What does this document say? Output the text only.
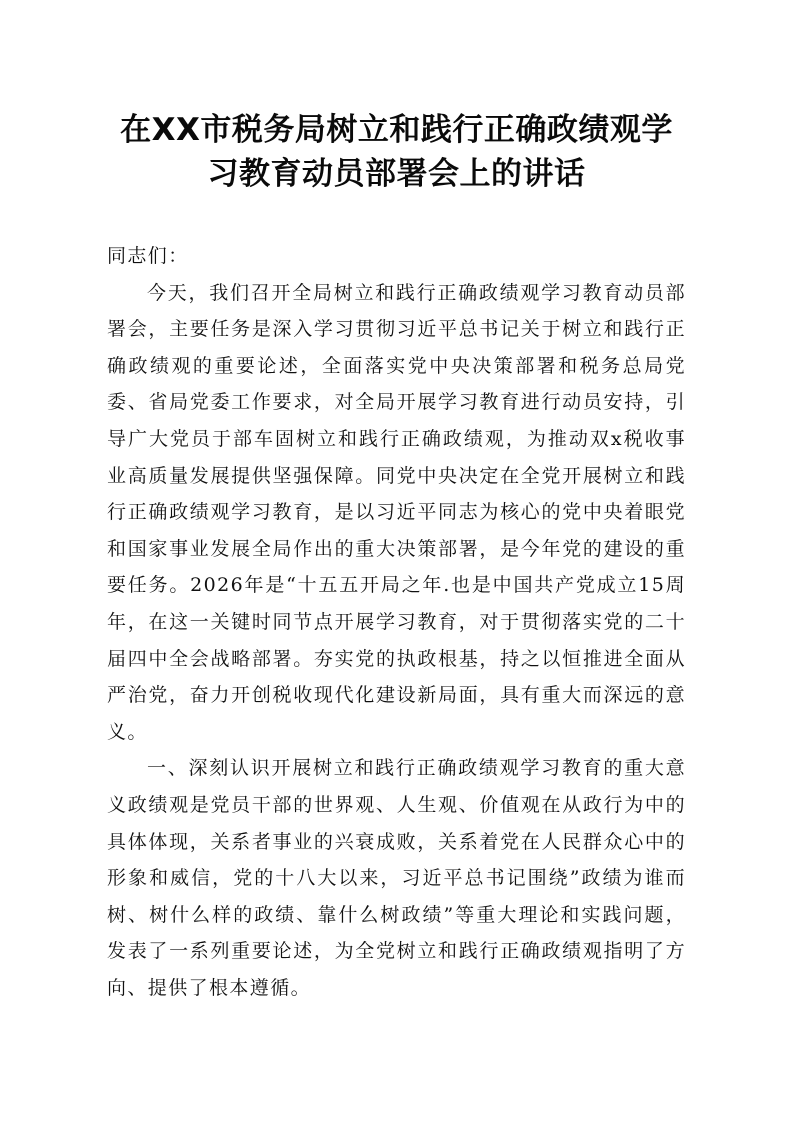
在XX市税务局树立和践行正确政绩观学
习教育动员部署会上的讲话

同志们：

今天，我们召开全局树立和践行正确政绩观学习教育动员部署会，主要任务是深入学习贯彻习近平总书记关于树立和践行正确政绩观的重要论述，全面落实党中央决策部署和税务总局党委、省局党委工作要求，对全局开展学习教育进行动员安持，引导广大党员于部车固树立和践行正确政绩观，为推动双x税收事业高质量发展提供坚强保障。同党中央决定在全党开展树立和践行正确政绩观学习教育，是以习近平同志为核心的党中央着眼党和国家事业发展全局作出的重大决策部署，是今年党的建设的重要任务。2026年是“十五五开局之年.也是中国共产党成立15周年，在这一关键时同节点开展学习教育，对于贯彻落实党的二十届四中全会战略部署。夯实党的执政根基，持之以恒推进全面从严治党，奋力开创税收现代化建设新局面，具有重大而深远的意义。

一、深刻认识开展树立和践行正确政绩观学习教育的重大意义政绩观是党员干部的世界观、人生观、价值观在从政行为中的具体体现，关系者事业的兴衰成败，关系着党在人民群众心中的形象和威信，党的十八大以来，习近平总书记围绕”政绩为谁而树、树什么样的政绩、靠什么树政绩”等重大理论和实践问题，发表了一系列重要论述，为全党树立和践行正确政绩观指明了方向、提供了根本遵循。
